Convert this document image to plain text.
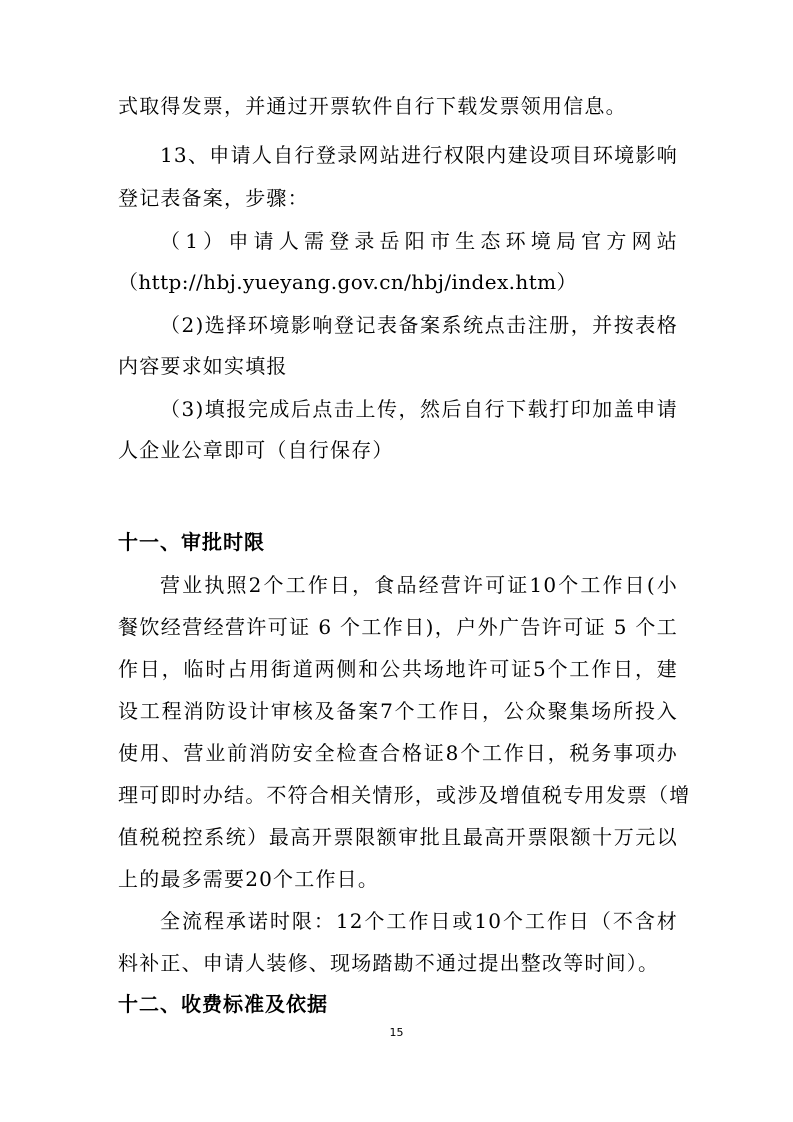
式取得发票，并通过开票软件自行下载发票领用信息。
13、申请人自行登录网站进行权限内建设项目环境影响
登记表备案，步骤：
（1）申请人需登录岳阳市生态环境局官方网站
（http://hbj.yueyang.gov.cn/hbj/index.htm）
（2)选择环境影响登记表备案系统点击注册，并按表格
内容要求如实填报
（3)填报完成后点击上传，然后自行下载打印加盖申请
人企业公章即可（自行保存）
十一、审批时限
营业执照2个工作日，食品经营许可证10个工作日(小
餐饮经营经营许可证 6 个工作日)，户外广告许可证 5 个工
作日，临时占用街道两侧和公共场地许可证5个工作日，建
设工程消防设计审核及备案7个工作日，公众聚集场所投入
使用、营业前消防安全检查合格证8个工作日，税务事项办
理可即时办结。不符合相关情形，或涉及增值税专用发票（增
值税税控系统）最高开票限额审批且最高开票限额十万元以
上的最多需要20个工作日。
全流程承诺时限：12个工作日或10个工作日（不含材
料补正、申请人装修、现场踏勘不通过提出整改等时间）。
十二、收费标准及依据
15
